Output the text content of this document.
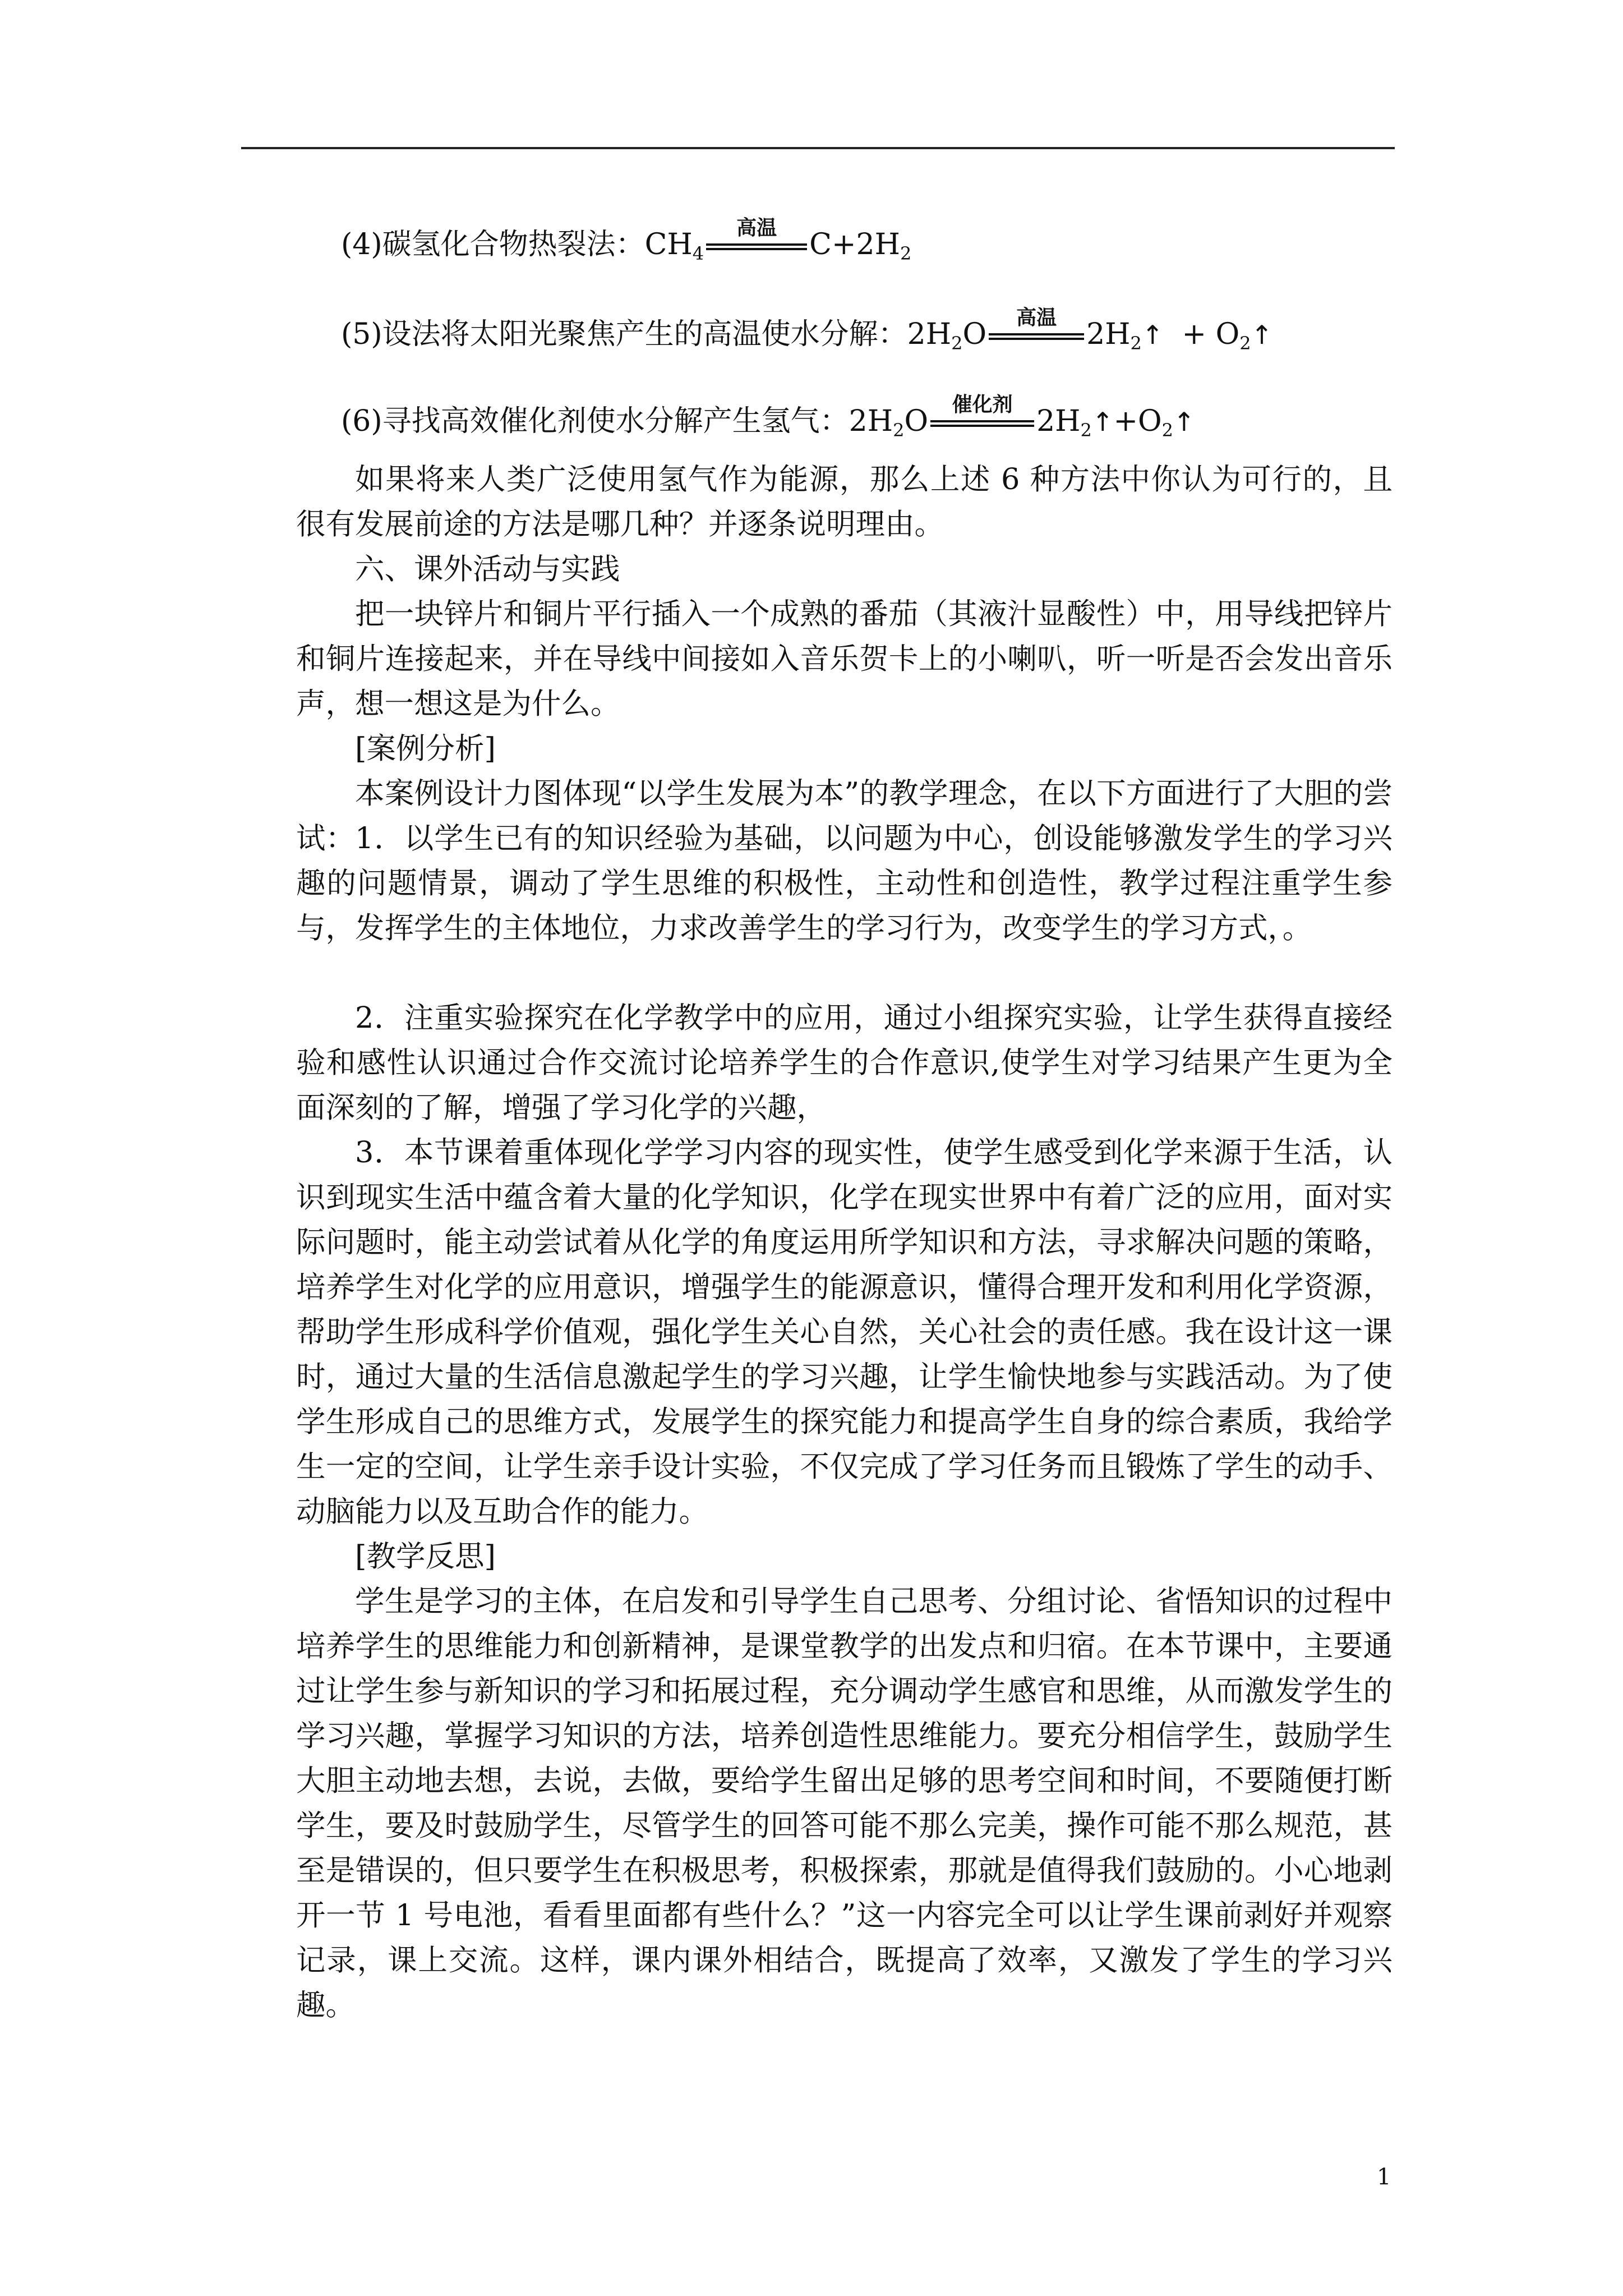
(4)碳氢化合物热裂法：$CH_4$
高温
$C+2H_2$
(5)设法将太阳光聚焦产生的高温使水分解：$2H_2O$
高温
$2H_2↑$ + $O_2↑$
(6)寻找高效催化剂使水分解产生氢气：$2H_2O$
催化剂
$2H_2↑+O_2↑$

如果将来人类广泛使用氢气作为能源，那么上述 6 种方法中你认为可行的，且很有发展前途的方法是哪几种？并逐条说明理由。

六、课外活动与实践

把一块锌片和铜片平行插入一个成熟的番茄（其液汁显酸性）中，用导线把锌片和铜片连接起来，并在导线中间接如入音乐贺卡上的小喇叭，听一听是否会发出音乐声，想一想这是为什么。

[案例分析]

本案例设计力图体现“以学生发展为本”的教学理念，在以下方面进行了大胆的尝试： 1．以学生已有的知识经验为基础，以问题为中心，创设能够激发学生的学习兴趣的问题情景，调动了学生思维的积极性，主动性和创造性，教学过程注重学生参与，发挥学生的主体地位，力求改善学生的学习行为，改变学生的学习方式，。

2．注重实验探究在化学教学中的应用，通过小组探究实验，让学生获得直接经验和感性认识通过合作交流讨论培养学生的合作意识,使学生对学习结果产生更为全面深刻的了解，增强了学习化学的兴趣，

3．本节课着重体现化学学习内容的现实性，使学生感受到化学来源于生活，认识到现实生活中蕴含着大量的化学知识，化学在现实世界中有着广泛的应用，面对实际问题时，能主动尝试着从化学的角度运用所学知识和方法，寻求解决问题的策略，培养学生对化学的应用意识，增强学生的能源意识，懂得合理开发和利用化学资源，帮助学生形成科学价值观，强化学生关心自然，关心社会的责任感。我在设计这一课时，通过大量的生活信息激起学生的学习兴趣，让学生愉快地参与实践活动。为了使学生形成自己的思维方式，发展学生的探究能力和提高学生自身的综合素质，我给学生一定的空间，让学生亲手设计实验，不仅完成了学习任务而且锻炼了学生的动手、动脑能力以及互助合作的能力。

[教学反思]

学生是学习的主体，在启发和引导学生自己思考、分组讨论、省悟知识的过程中培养学生的思维能力和创新精神，是课堂教学的出发点和归宿。在本节课中，主要通过让学生参与新知识的学习和拓展过程，充分调动学生感官和思维，从而激发学生的学习兴趣，掌握学习知识的方法，培养创造性思维能力。要充分相信学生，鼓励学生大胆主动地去想，去说，去做，要给学生留出足够的思考空间和时间，不要随便打断学生，要及时鼓励学生，尽管学生的回答可能不那么完美，操作可能不那么规范，甚至是错误的，但只要学生在积极思考，积极探索，那就是值得我们鼓励的。小心地剥开一节 1 号电池，看看里面都有些什么？”这一内容完全可以让学生课前剥好并观察记录，课上交流。这样，课内课外相结合，既提高了效率，又激发了学生的学习兴趣。

1
